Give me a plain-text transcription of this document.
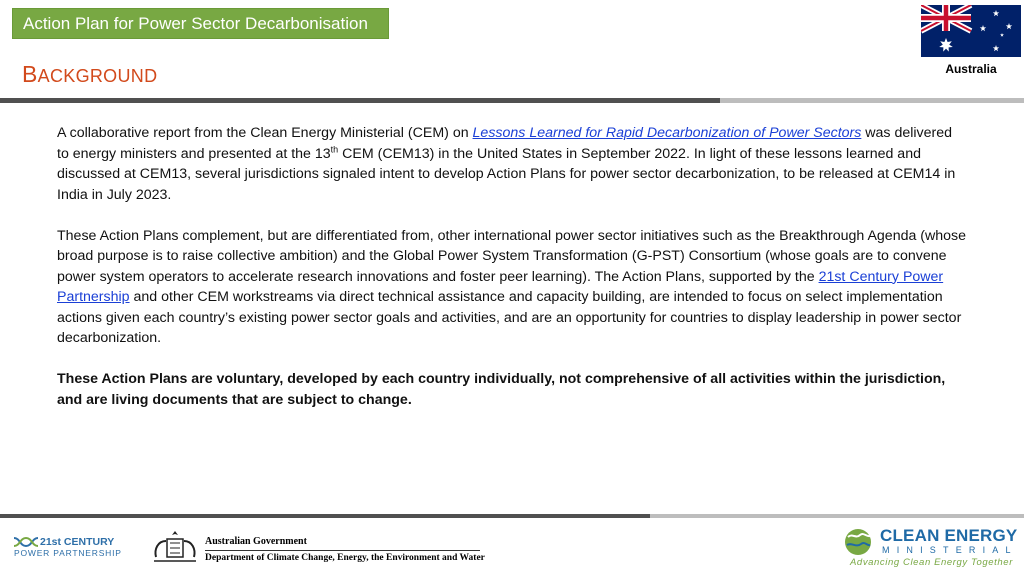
Action Plan for Power Sector Decarbonisation
BACKGROUND	Australia

A collaborative report from the Clean Energy Ministerial (CEM) on Lessons Learned for Rapid Decarbonization of Power Sectors was delivered to energy ministers and presented at the 13th CEM (CEM13) in the United States in September 2022. In light of these lessons learned and discussed at CEM13, several jurisdictions signaled intent to develop Action Plans for power sector decarbonization, to be released at CEM14 in India in July 2023.

These Action Plans complement, but are differentiated from, other international power sector initiatives such as the Breakthrough Agenda (whose broad purpose is to raise collective ambition) and the Global Power System Transformation (G-PST) Consortium (whose goals are to convene power system operators to accelerate research innovations and foster peer learning). The Action Plans, supported by the 21st Century Power Partnership and other CEM workstreams via direct technical assistance and capacity building, are intended to focus on select implementation actions given each country’s existing power sector goals and activities, and are an opportunity for countries to display leadership in power sector decarbonization.

These Action Plans are voluntary, developed by each country individually, not comprehensive of all activities within the jurisdiction, and are living documents that are subject to change.

21st CENTURY
POWER PARTNERSHIP
Australian Government
Department of Climate Change, Energy, the Environment and Water
CLEAN ENERGY
MINISTERIAL
Advancing Clean Energy Together
